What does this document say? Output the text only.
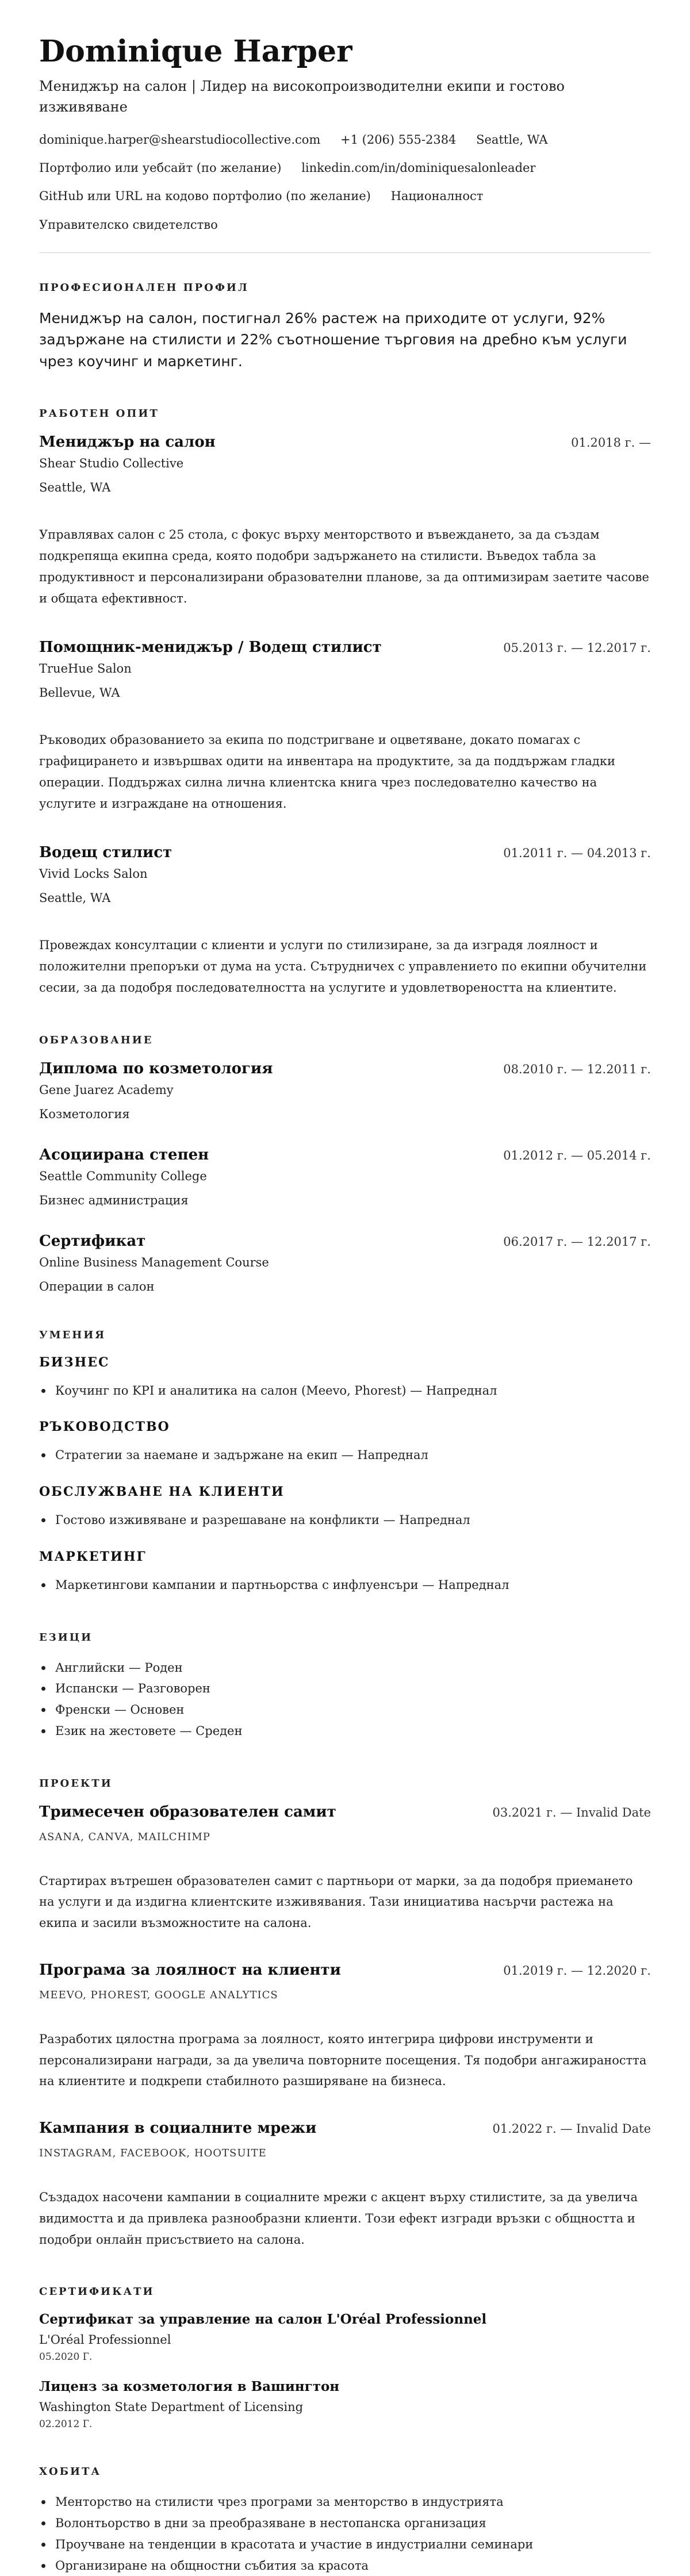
Dominique Harper
Мениджър на салон | Лидер на високопроизводителни екипи и гостово изживяване
dominique.harper@shearstudiocollective.com +1 (206) 555-2384 Seattle, WA
Портфолио или уебсайт (по желание) linkedin.com/in/dominiquesalonleader
GitHub или URL на кодово портфолио (по желание) Националност
Управителско свидетелство
ПРОФЕСИОНАЛЕН ПРОФИЛ

Мениджър на салон, постигнал 26% растеж на приходите от услуги, 92% задържане на стилисти и 22% съотношение търговия на дребно към услуги чрез коучинг и маркетинг.

РАБОТЕН ОПИТ
Мениджър на салон	01.2018 г. —
Shear Studio Collective
Seattle, WA

Управлявах салон с 25 стола, с фокус върху менторството и въвеждането, за да създам подкрепяща екипна среда, която подобри задържането на стилисти. Въведох табла за продуктивност и персонализирани образователни планове, за да оптимизирам заетите часове и общата ефективност.

Помощник-мениджър / Водещ стилист	05.2013 г. — 12.2017 г.
TrueHue Salon
Bellevue, WA

Ръководих образованието за екипа по подстригване и оцветяване, докато помагах с графицирането и извършвах одити на инвентара на продуктите, за да поддържам гладки операции. Поддържах силна лична клиентска книга чрез последователно качество на услугите и изграждане на отношения.

Водещ стилист	01.2011 г. — 04.2013 г.
Vivid Locks Salon
Seattle, WA

Провеждах консултации с клиенти и услуги по стилизиране, за да изградя лоялност и положителни препоръки от дума на уста. Сътрудничех с управлението по екипни обучителни сесии, за да подобря последователността на услугите и удовлетвореността на клиентите.

ОБРАЗОВАНИЕ
Диплома по козметология	08.2010 г. — 12.2011 г.
Gene Juarez Academy
Козметология
Асоциирана степен	01.2012 г. — 05.2014 г.
Seattle Community College
Бизнес администрация
Сертификат	06.2017 г. — 12.2017 г.
Online Business Management Course
Операции в салон
УМЕНИЯ
БИЗНЕС
Коучинг по KPI и аналитика на салон (Meevo, Phorest) — Напреднал
РЪКОВОДСТВО
Стратегии за наемане и задържане на екип — Напреднал
ОБСЛУЖВАНЕ НА КЛИЕНТИ
Гостово изживяване и разрешаване на конфликти — Напреднал
МАРКЕТИНГ
Маркетингови кампании и партньорства с инфлуенсъри — Напреднал
ЕЗИЦИ
Английски — Роден
Испански — Разговорен
Френски — Основен
Език на жестовете — Среден
ПРОЕКТИ
Тримесечен образователен самит	03.2021 г. — Invalid Date
ASANA, CANVA, MAILCHIMP

Стартирах вътрешен образователен самит с партньори от марки, за да подобря приемането на услуги и да издигна клиентските изживявания. Тази инициатива насърчи растежа на екипа и засили възможностите на салона.

Програма за лоялност на клиенти	01.2019 г. — 12.2020 г.
MEEVO, PHOREST, GOOGLE ANALYTICS

Разработих цялостна програма за лоялност, която интегрира цифрови инструменти и персонализирани награди, за да увелича повторните посещения. Тя подобри ангажираността на клиентите и подкрепи стабилното разширяване на бизнеса.

Кампания в социалните мрежи	01.2022 г. — Invalid Date
INSTAGRAM, FACEBOOK, HOOTSUITE

Създадох насочени кампании в социалните мрежи с акцент върху стилистите, за да увелича видимостта и да привлека разнообразни клиенти. Този ефект изгради връзки с общността и подобри онлайн присъствието на салона.

СЕРТИФИКАТИ
Сертификат за управление на салон L'Oréal Professionnel
L'Oréal Professionnel
05.2020 Г.
Лиценз за козметология в Вашингтон
Washington State Department of Licensing
02.2012 Г.
ХОБИТА
Менторство на стилисти чрез програми за менторство в индустрията
Волонтьорство в дни за преобразяване в нестопанска организация
Проучване на тенденции в красотата и участие в индустриални семинари
Организиране на общностни събития за красота
